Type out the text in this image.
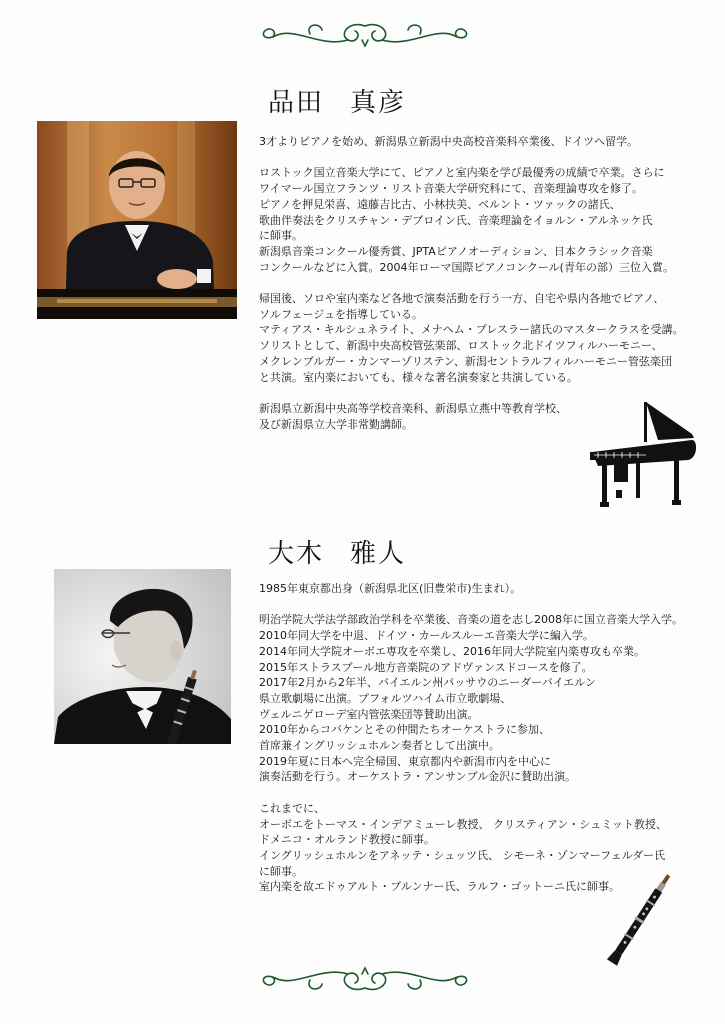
品田 真彦

3才よりピアノを始め、新潟県立新潟中央高校音楽科卒業後、ドイツへ留学。

ロストック国立音楽大学にて、ピアノと室内楽を学び最優秀の成績で卒業。さらに
ワイマール国立フランツ・リスト音楽大学研究科にて、音楽理論専攻を修了。
ピアノを押見栄喜、遠藤吉比古、小林扶美、ベルント・ツァックの諸氏、
歌曲伴奏法をクリスチャン・デブロイン氏、音楽理論をイョルン・アルネッケ氏
に師事。
新潟県音楽コンクール優秀賞、JPTAピアノオーディション、日本クラシック音楽
コンクールなどに入賞。2004年ローマ国際ピアノコンクール(青年の部）三位入賞。

帰国後、ソロや室内楽など各地で演奏活動を行う一方、自宅や県内各地でピアノ、
ソルフェージュを指導している。
マティアス・キルシュネライト、メナヘム・プレスラー諸氏のマスタークラスを受講。
ソリストとして、新潟中央高校管弦楽部、ロストック北ドイツフィルハーモニー、
メクレンブルガー・カンマーゾリステン、新潟セントラルフィルハーモニー管弦楽団
と共演。室内楽においても、様々な著名演奏家と共演している。

新潟県立新潟中央高等学校音楽科、新潟県立燕中等教育学校、
及び新潟県立大学非常勤講師。

大木 雅人

1985年東京都出身（新潟県北区(旧豊栄市)生まれ）。

明治学院大学法学部政治学科を卒業後、音楽の道を志し2008年に国立音楽大学入学。
2010年同大学を中退、ドイツ・カールスルーエ音楽大学に編入学。
2014年同大学院オーボエ専攻を卒業し、2016年同大学院室内楽専攻も卒業。
2015年ストラスブール地方音楽院のアドヴァンスドコースを修了。
2017年2月から2年半、バイエルン州パッサウのニーダーバイエルン
県立歌劇場に出演。プフォルツハイム市立歌劇場、
ヴェルニゲローデ室内管弦楽団等賛助出演。
2010年からコバケンとその仲間たちオーケストラに参加、
首席兼イングリッシュホルン奏者として出演中。
2019年夏に日本へ完全帰国、東京都内や新潟市内を中心に
演奏活動を行う。オーケストラ・アンサンブル金沢に賛助出演。

これまでに、
オーボエをトーマス・インデアミューレ教授、 クリスティアン・シュミット教授、
ドメニコ・オルランド教授に師事。
イングリッシュホルンをアネッテ・シュッツ氏、 シモーネ・ゾンマーフェルダー氏
に師事。
室内楽を故エドゥアルト・ブルンナー氏、ラルフ・ゴットーニ氏に師事。
